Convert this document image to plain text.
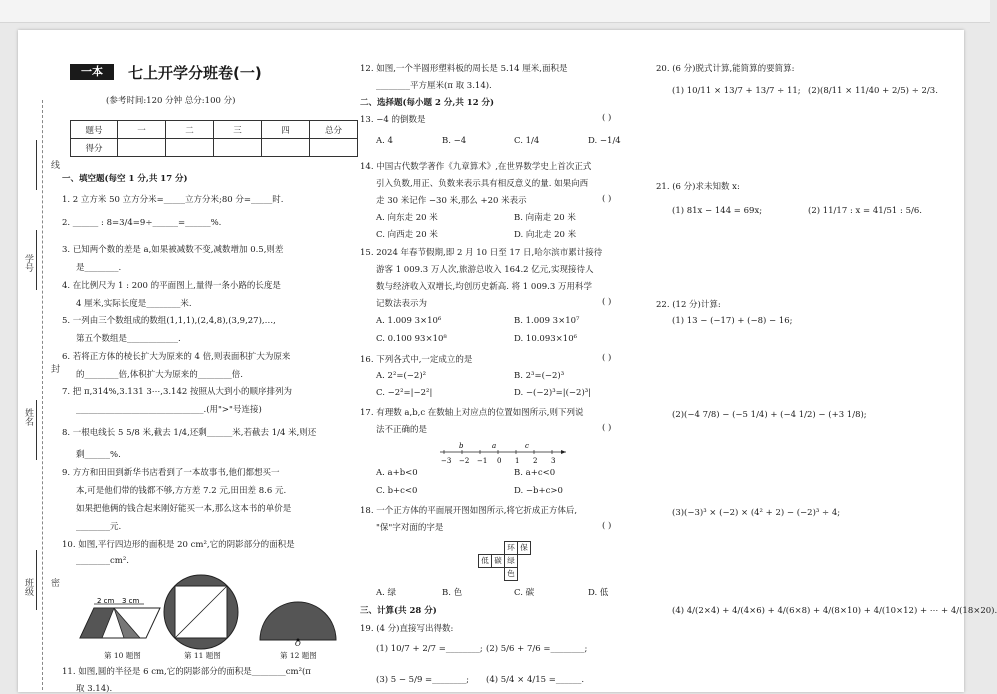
线
学号
封
姓名
班级 密
一本	七上开学分班卷(一)
(参考时间:120 分钟 总分:100 分)
题号	一	二	三	四	总分
得分					
一、填空题(每空 1 分,共 17 分)
1. 2 立方米 50 立方分米=_____立方分米;80 分=_____时.
2. ______ : 8=3/4=9÷______=______%.
3. 已知两个数的差是 a,如果被减数不变,减数增加 0.5,则差
是________.
4. 在比例尺为 1 : 200 的平面图上,量得一条小路的长度是
4 厘米,实际长度是________米.
5. 一列由三个数组成的数组(1,1,1),(2,4,8),(3,9,27),…,
第五个数组是____________.
6. 若将正方体的棱长扩大为原来的 4 倍,则表面积扩大为原来
的________倍,体积扩大为原来的________倍.
7. 把 π,314%,3.131 3⋯,3.142 按照从大到小的顺序排列为
______________________________.(用">"号连接)
8. 一根电线长 5 5/8 米,截去 1/4,还剩______米,若截去 1/4 米,则还
剩______%.
9. 方方和田田到新华书店看到了一本故事书,他们都想买一
本,可是他们带的钱都不够,方方差 7.2 元,田田差 8.6 元.
如果把他俩的钱合起来刚好能买一本,那么这本书的单价是
________元.
10. 如图,平行四边形的面积是 20 cm²,它的阴影部分的面积是
________cm².
2 cm 3 cm
O
第 10 题图	第 11 题图	第 12 题图
11. 如图,圆的半径是 6 cm,它的阴影部分的面积是________cm²(π
取 3.14).
12. 如图,一个半圆形塑料板的周长是 5.14 厘米,面积是
________平方厘米(π 取 3.14).
二、选择题(每小题 2 分,共 12 分)
13. −4 的倒数是	( )
A. 4	B. −4	C. 1/4	D. −1/4
14. 中国古代数学著作《九章算术》,在世界数学史上首次正式
引入负数,用正、负数来表示具有相反意义的量. 如果向西
走 30 米记作 −30 米,那么 +20 米表示	( )
A. 向东走 20 米	B. 向南走 20 米
C. 向西走 20 米	D. 向北走 20 米
15. 2024 年春节假期,即 2 月 10 日至 17 日,哈尔滨市累计接待
游客 1 009.3 万人次,旅游总收入 164.2 亿元,实现接待人
数与经济收入双增长,均创历史新高. 将 1 009.3 万用科学
记数法表示为	( )
A. 1.009 3×10⁶	B. 1.009 3×10⁷
C. 0.100 93×10⁸	D. 10.093×10⁶
16. 下列各式中,一定成立的是	( )
A. 2²=(−2)²	B. 2³=(−2)³
C. −2²=|−2²|	D. −(−2)³=|(−2)³|
17. 有理数 a,b,c 在数轴上对应点的位置如图所示,则下列说
法不正确的是	( )
b	a	c
−3 −2 −1 0 1 2 3
A. a+b<0	B. a+c<0
C. b+c<0	D. −b+c>0
18. 一个正方体的平面展开图如图所示,将它折成正方体后,
"保"字对面的字是	( )
环 保
低 碳 绿
色
A. 绿	B. 色	C. 碳	D. 低
三、计算(共 28 分)
19. (4 分)直接写出得数:
(1) 10/7 + 2/7 =________; (2) 5/6 + 7/6 =________;
(3) 5 − 5/9 =________; (4) 5/4 × 4/15 =______.
20. (6 分)脱式计算,能简算的要简算:
(1) 10/11 × 13/7 + 13/7 ÷ 11; (2)(8/11 × 11/40 + 2/5) ÷ 2/3.
21. (6 分)求未知数 x:
(1) 81x − 144 = 69x;	(2) 11/17 : x = 41/51 : 5/6.
22. (12 分)计算:
(1) 13 − (−17) + (−8) − 16;
(2)(−4 7/8) − (−5 1/4) + (−4 1/2) − (+3 1/8);
(3)(−3)³ × (−2) × (4² + 2) − (−2)³ ÷ 4;
(4) 4/(2×4) + 4/(4×6) + 4/(6×8) + 4/(8×10) + 4/(10×12) + ⋯ + 4/(18×20).
